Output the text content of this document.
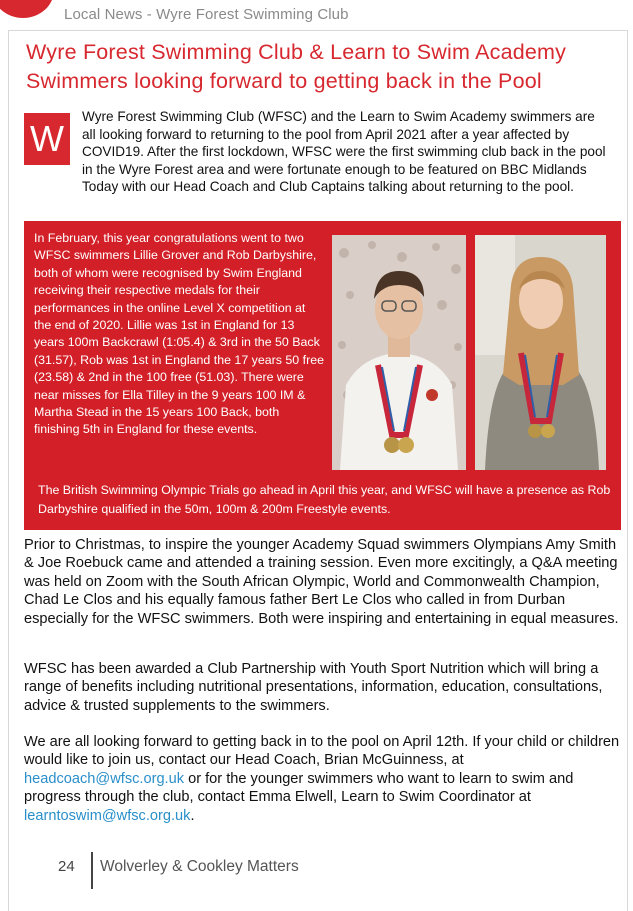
Local News - Wyre Forest Swimming Club
Wyre Forest Swimming Club & Learn to Swim Academy
Swimmers looking forward to getting back in the Pool
W
Wyre Forest Swimming Club (WFSC) and the Learn to Swim Academy swimmers are all looking forward to returning to the pool from April 2021 after a year affected by COVID19. After the first lockdown, WFSC were the first swimming club back in the pool in the Wyre Forest area and were fortunate enough to be featured on BBC Midlands Today with our Head Coach and Club Captains talking about returning to the pool.
In February, this year congratulations went to two WFSC swimmers Lillie Grover and Rob Darbyshire, both of whom were recognised by Swim England receiving their respective medals for their performances in the online Level X competition at the end of 2020. Lillie was 1st in England for 13 years 100m Backcrawl (1:05.4) & 3rd in the 50 Back (31.57), Rob was 1st in England the 17 years 50 free (23.58) & 2nd in the 100 free (51.03). There were near misses for Ella Tilley in the 9 years 100 IM & Martha Stead in the 15 years 100 Back, both finishing 5th in England for these events.
The British Swimming Olympic Trials go ahead in April this year, and WFSC will have a presence as Rob Darbyshire qualified in the 50m, 100m & 200m Freestyle events.
Prior to Christmas, to inspire the younger Academy Squad swimmers Olympians Amy Smith & Joe Roebuck came and attended a training session. Even more excitingly, a Q&A meeting was held on Zoom with the South African Olympic, World and Commonwealth Champion, Chad Le Clos and his equally famous father Bert Le Clos who called in from Durban especially for the WFSC swimmers. Both were inspiring and entertaining in equal measures.
WFSC has been awarded a Club Partnership with Youth Sport Nutrition which will bring a range of benefits including nutritional presentations, information, education, consultations, advice & trusted supplements to the swimmers.
We are all looking forward to getting back in to the pool on April 12th. If your child or children would like to join us, contact our Head Coach, Brian McGuinness, at headcoach@wfsc.org.uk or for the younger swimmers who want to learn to swim and progress through the club, contact Emma Elwell, Learn to Swim Coordinator at learntoswim@wfsc.org.uk.
24 Wolverley & Cookley Matters
